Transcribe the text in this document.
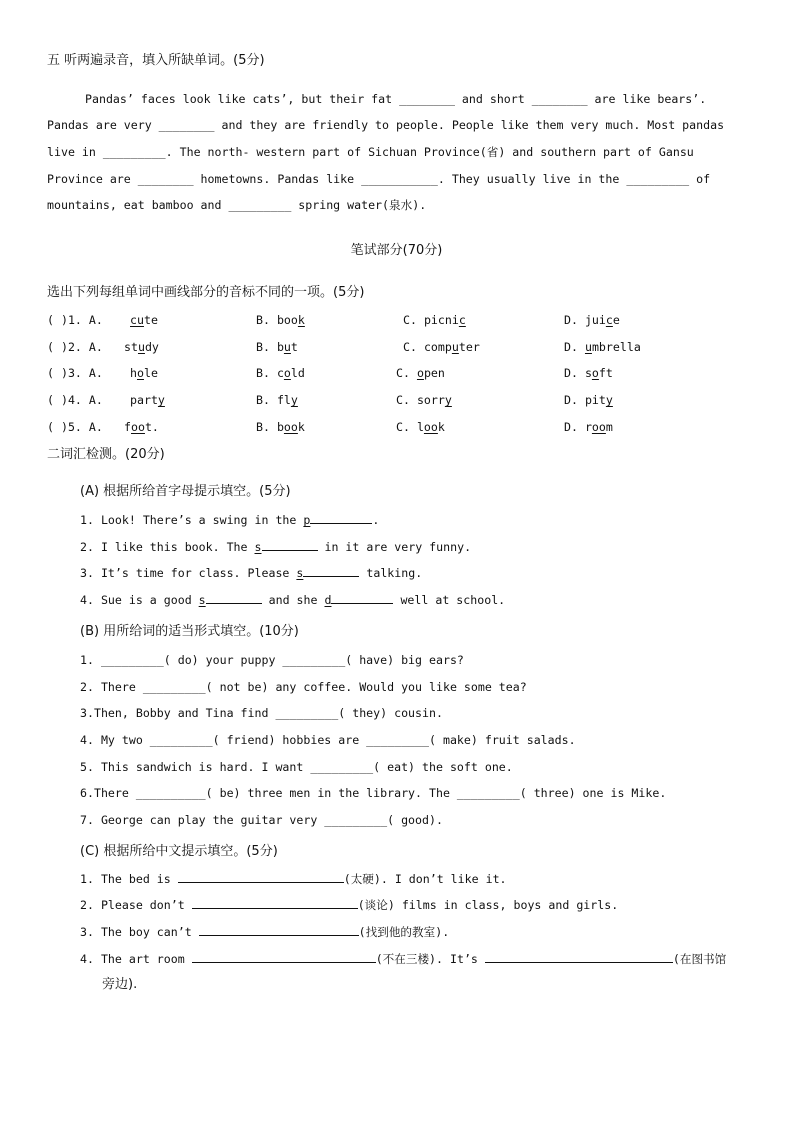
五 听两遍录音，填入所缺单词。(5分)
Pandas’ faces look like cats’, but their fat ________ and short ________ are like bears’.
Pandas are very ________ and they are friendly to people. People like them very much. Most pandas
live in _________. The north- western part of Sichuan Province(省) and southern part of Gansu
Province are ________ hometowns. Pandas like ___________. They usually live in the _________ of
mountains, eat bamboo and _________ spring water(泉水).
笔试部分(70分)
选出下列每组单词中画线部分的音标不同的一项。(5分)
( )1. A. cute	B. book	C. picnic	D. juice
( )2. A. study	B. but	C. computer	D. umbrella
( )3. A. hole	B. cold	C. open	D. soft
( )4. A. party	B. fly	C. sorry	D. pity
( )5. A. foot.	B. book	C. look	D. room
二词汇检测。(20分)
(A) 根据所给首字母提示填空。(5分)
1. Look! There’s a swing in the p	.
2. I like this book. The s	in it are very funny.
3. It’s time for class. Please s	talking.
4. Sue is a good s	and she d	well at school.
(B) 用所给词的适当形式填空。(10分)
1. _________( do) your puppy _________( have) big ears?
2. There _________( not be) any coffee. Would you like some tea?
3.Then, Bobby and Tina find _________( they) cousin.
4. My two _________( friend) hobbies are _________( make) fruit salads.
5. This sandwich is hard. I want _________( eat) the soft one.
6.There __________( be) three men in the library. The _________( three) one is Mike.
7. George can play the guitar very _________( good).
(C) 根据所给中文提示填空。(5分)
1. The bed is	(太硬). I don’t like it.
2. Please don’t	(谈论) films in class, boys and girls.
3. The boy can’t	(找到他的教室).
4. The art room	(不在三楼). It’s	(在图书馆
旁边).
